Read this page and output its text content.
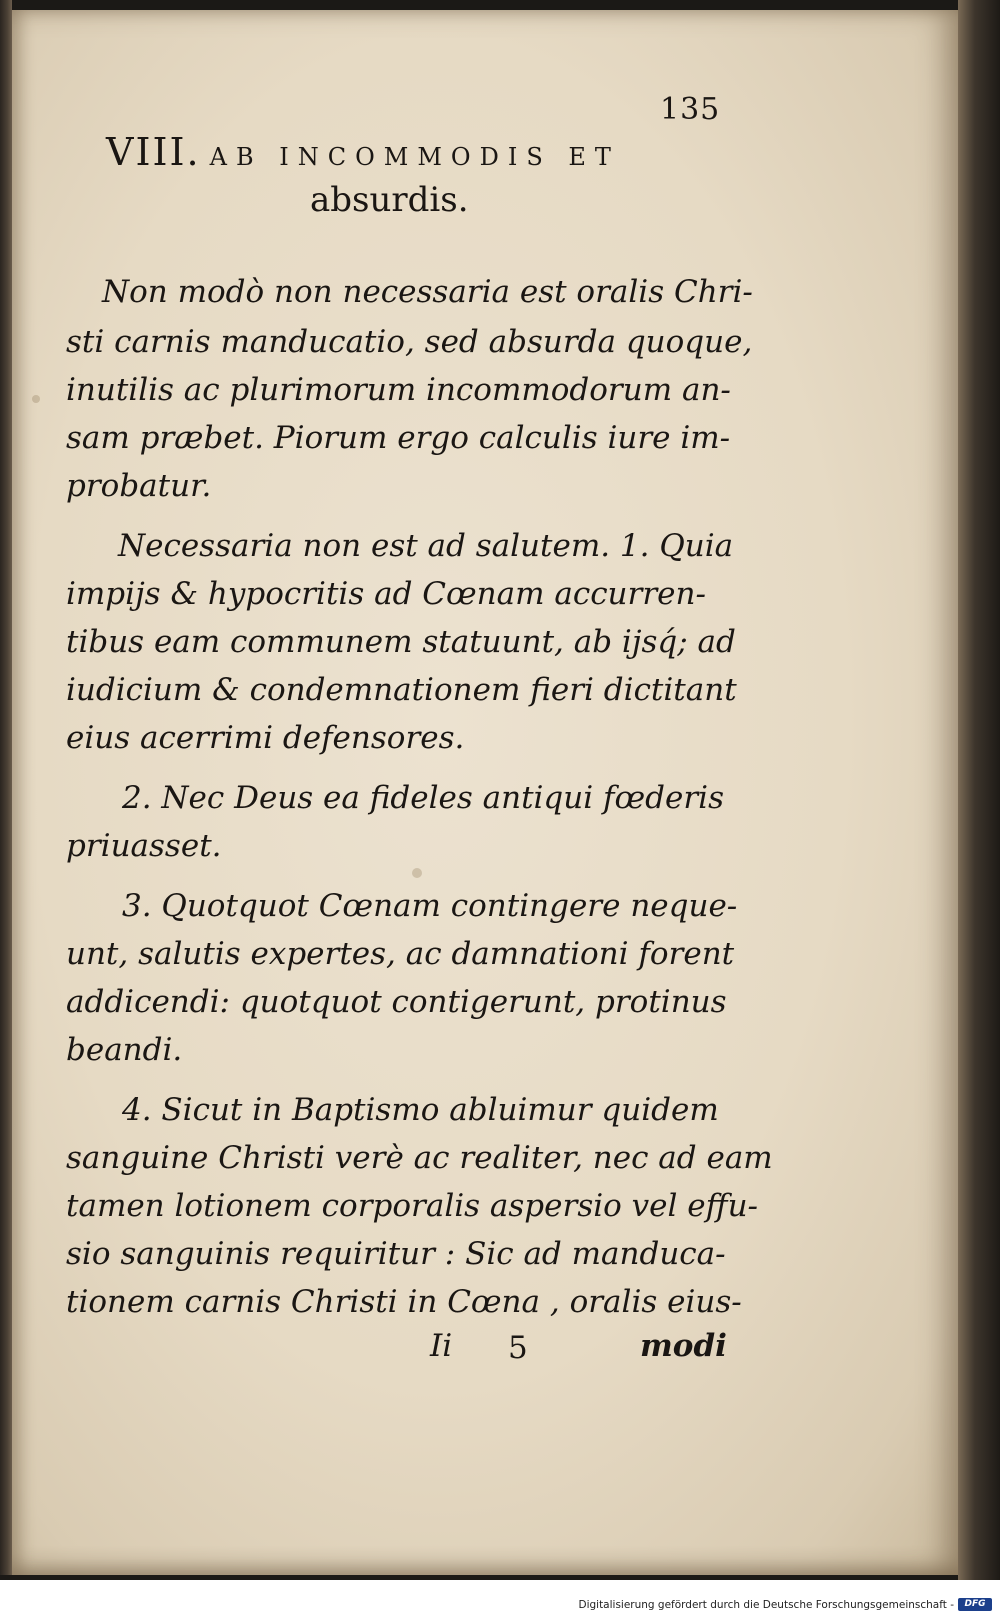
135
VIII. AB INCOMMODIS ET
absurdis.
Non modò non necessaria est oralis Chri-
sti carnis manducatio, sed absurda quoque,
inutilis ac plurimorum incommodorum an-
sam præbet. Piorum ergo calculis iure im-
probatur.
Necessaria non est ad salutem. 1. Quia
impijs & hypocritis ad Cœnam accurren-
tibus eam communem statuunt, ab ijsq́; ad
iudicium & condemnationem fieri dictitant
eius acerrimi defensores.
2. Nec Deus ea fideles antiqui fœderis
priuasset.
3. Quotquot Cœnam contingere neque-
unt, salutis expertes, ac damnationi forent
addicendi: quotquot contigerunt, protinus
beandi.
4. Sicut in Baptismo abluimur quidem
sanguine Christi verè ac realiter, nec ad eam
tamen lotionem corporalis aspersio vel effu-
sio sanguinis requiritur : Sic ad manduca-
tionem carnis Christi in Cœna , oralis eius-
Ii 5	modi
Digitalisierung gefördert durch die Deutsche Forschungsgemeinschaft -	DFG
